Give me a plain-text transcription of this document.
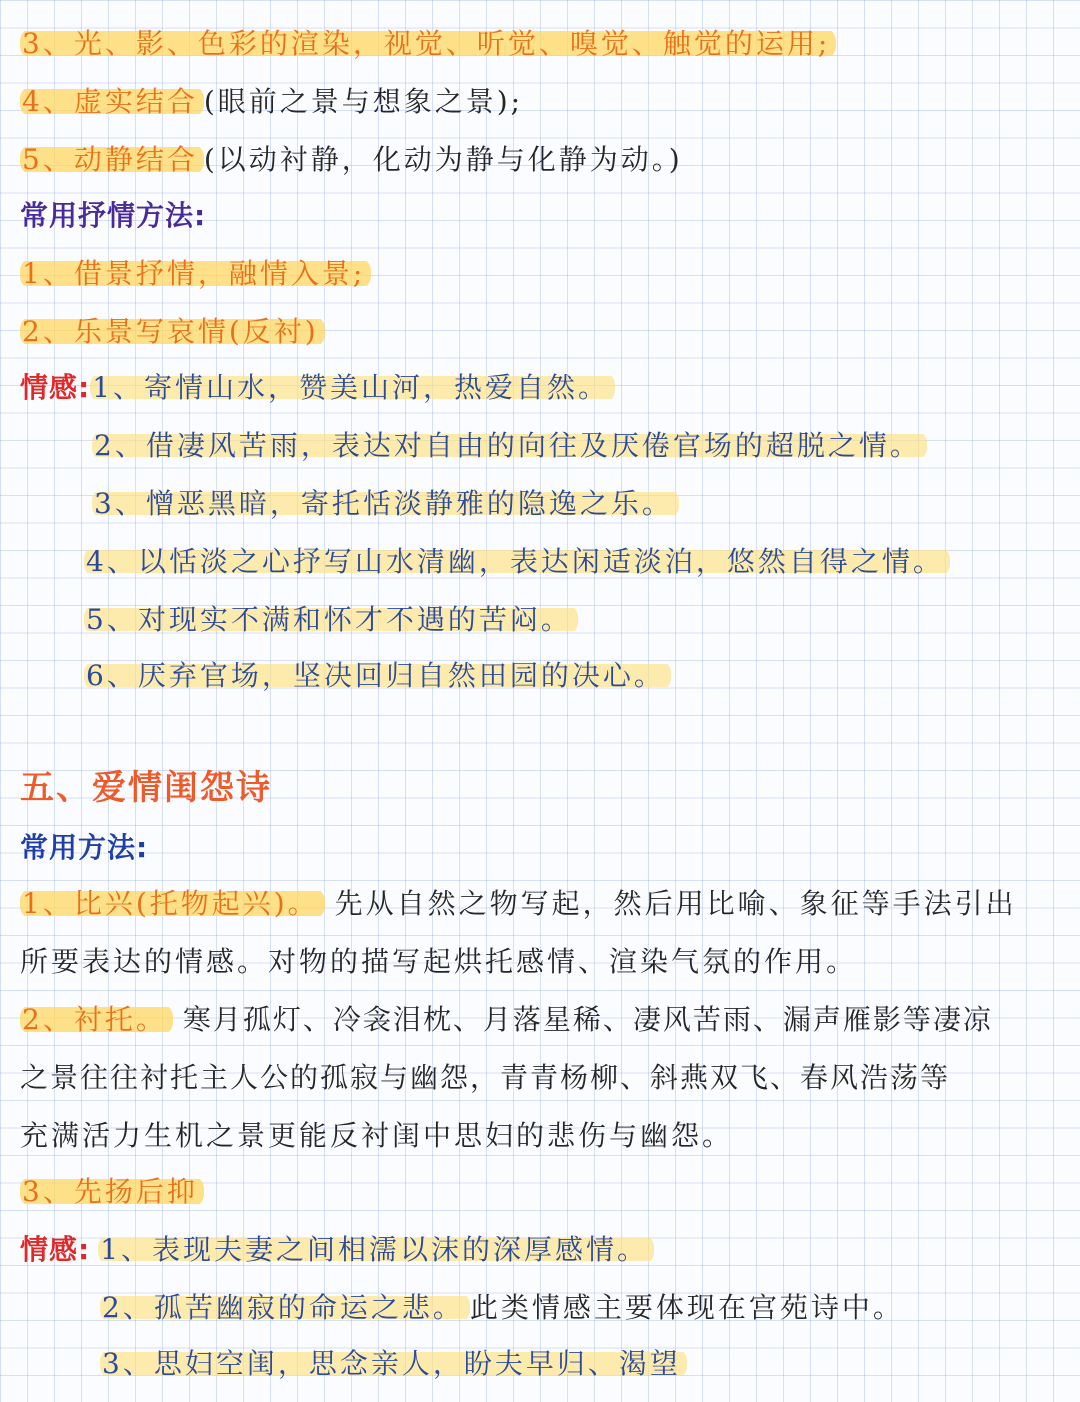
3、光、影、色彩的渲染，视觉、听觉、嗅觉、触觉的运用;
4、虚实结合 (眼前之景与想象之景);
5、动静结合 (以动衬静，化动为静与化静为动。)
常用抒情方法:
1、借景抒情，融情入景;
2、乐景写哀情(反衬)
情感:1、寄情山水，赞美山河，热爱自然。
2、借凄风苦雨，表达对自由的向往及厌倦官场的超脱之情。
3、憎恶黑暗，寄托恬淡静雅的隐逸之乐。
4、以恬淡之心抒写山水清幽，表达闲适淡泊，悠然自得之情。
5、对现实不满和怀才不遇的苦闷。
6、厌弃官场，坚决回归自然田园的决心。
五、爱情闺怨诗
常用方法:
1、比兴(托物起兴)。 先从自然之物写起，然后用比喻、象征等手法引出
所要表达的情感。对物的描写起烘托感情、渲染气氛的作用。
2、衬托。 寒月孤灯、冷衾泪枕、月落星稀、凄风苦雨、漏声雁影等凄凉
之景往往衬托主人公的孤寂与幽怨，青青杨柳、斜燕双飞、春风浩荡等
充满活力生机之景更能反衬闺中思妇的悲伤与幽怨。
3、先扬后抑
情感: 1、表现夫妻之间相濡以沫的深厚感情。
2、孤苦幽寂的命运之悲。 此类情感主要体现在宫苑诗中。
3、思妇空闺，思念亲人，盼夫早归、渴望
